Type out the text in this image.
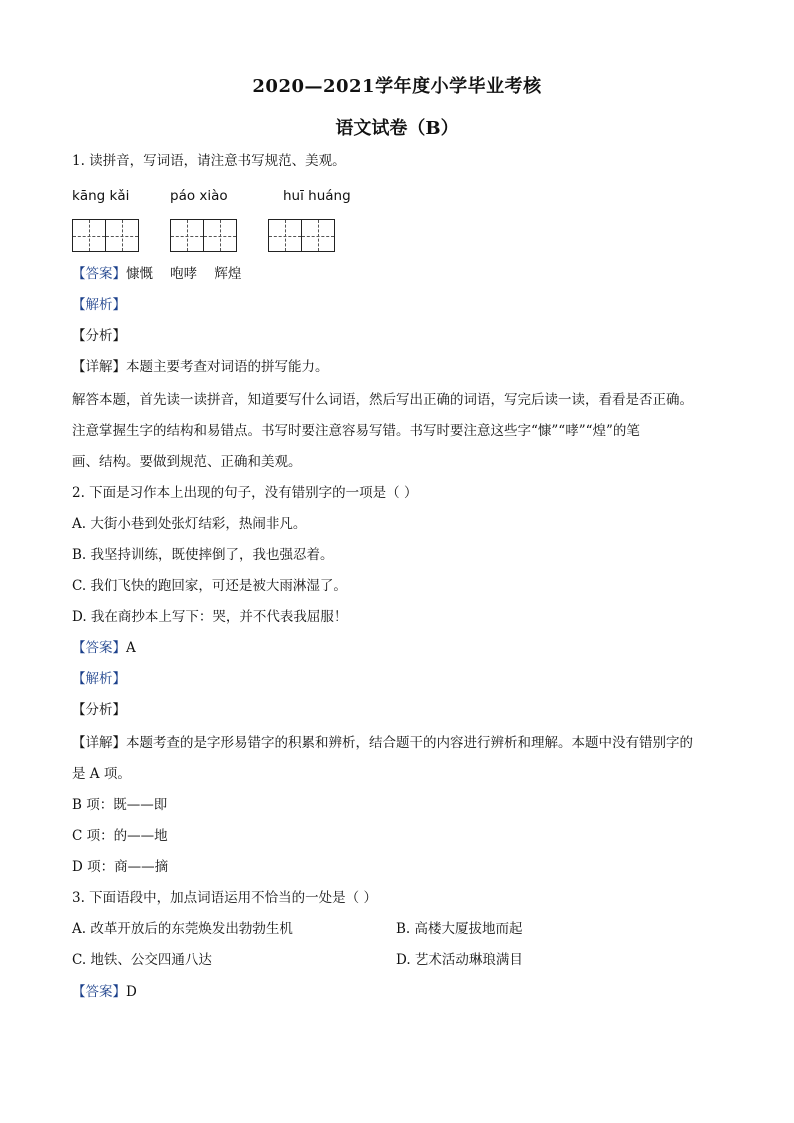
2020—2021学年度小学毕业考核
语文试卷（B）
1. 读拼音，写词语，请注意书写规范、美观。
kāng kǎi	páo xiào	huī huáng
【答案】慷慨    咆哮    辉煌
【解析】
【分析】
【详解】本题主要考查对词语的拼写能力。
解答本题，首先读一读拼音，知道要写什么词语，然后写出正确的词语，写完后读一读，看看是否正确。
注意掌握生字的结构和易错点。书写时要注意容易写错。书写时要注意这些字“慷”“哮”“煌”的笔
画、结构。要做到规范、正确和美观。
2. 下面是习作本上出现的句子，没有错别字的一项是（ ）
A. 大街小巷到处张灯结彩，热闹非凡。
B. 我坚持训练，既使摔倒了，我也强忍着。
C. 我们飞快的跑回家，可还是被大雨淋湿了。
D. 我在商抄本上写下：哭，并不代表我屈服！
【答案】A
【解析】
【分析】
【详解】本题考查的是字形易错字的积累和辨析，结合题干的内容进行辨析和理解。本题中没有错别字的
是 A 项。
B 项：既——即
C 项：的——地
D 项：商——摘
3. 下面语段中，加点词语运用不恰当的一处是（ ）
A. 改革开放后的东莞焕发出勃勃生机	B. 高楼大厦拔地而起
C. 地铁、公交四通八达	D. 艺术活动琳琅满目
【答案】D
